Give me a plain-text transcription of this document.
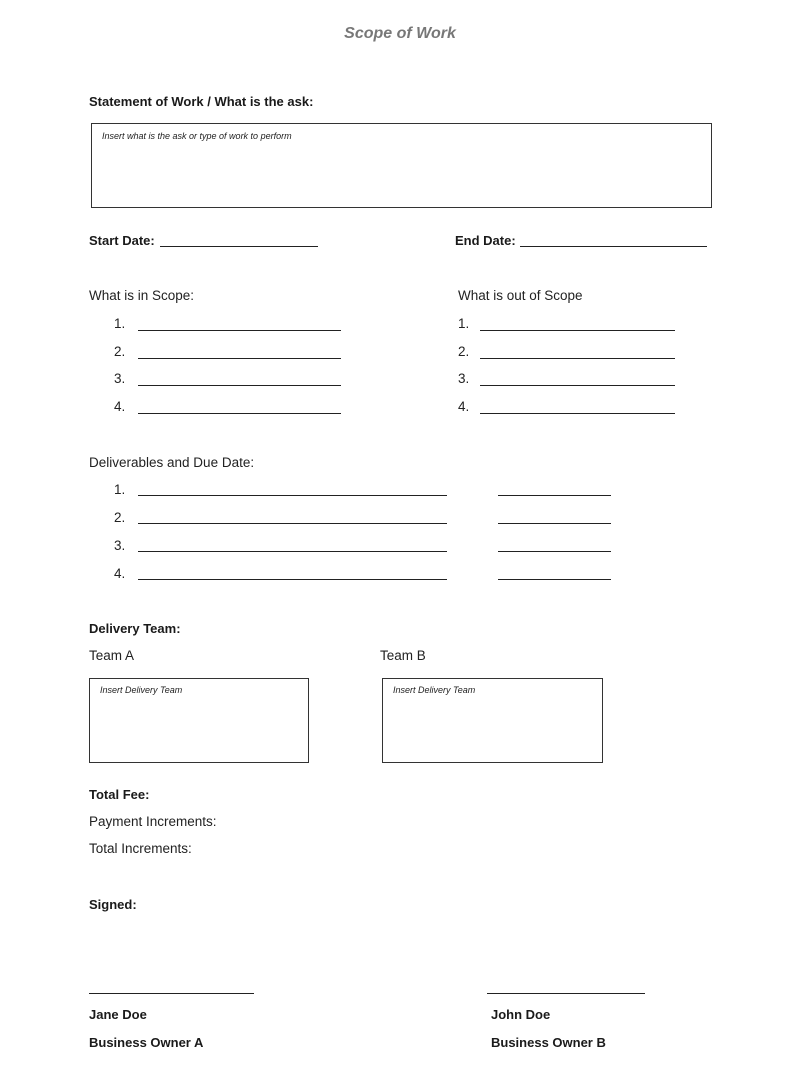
Scope of Work
Statement of Work / What is the ask:
Insert what is the ask or type of work to perform
Start Date:	End Date:
What is in Scope:	What is out of Scope
1.
2.
3.
4.
1.
2.
3.
4.
Deliverables and Due Date:
1.
2.
3.
4.
Delivery Team:
Team A	Team B
Insert Delivery Team	Insert Delivery Team
Total Fee:
Payment Increments:
Total Increments:
Signed:
Jane Doe
Business Owner A
John Doe
Business Owner B
